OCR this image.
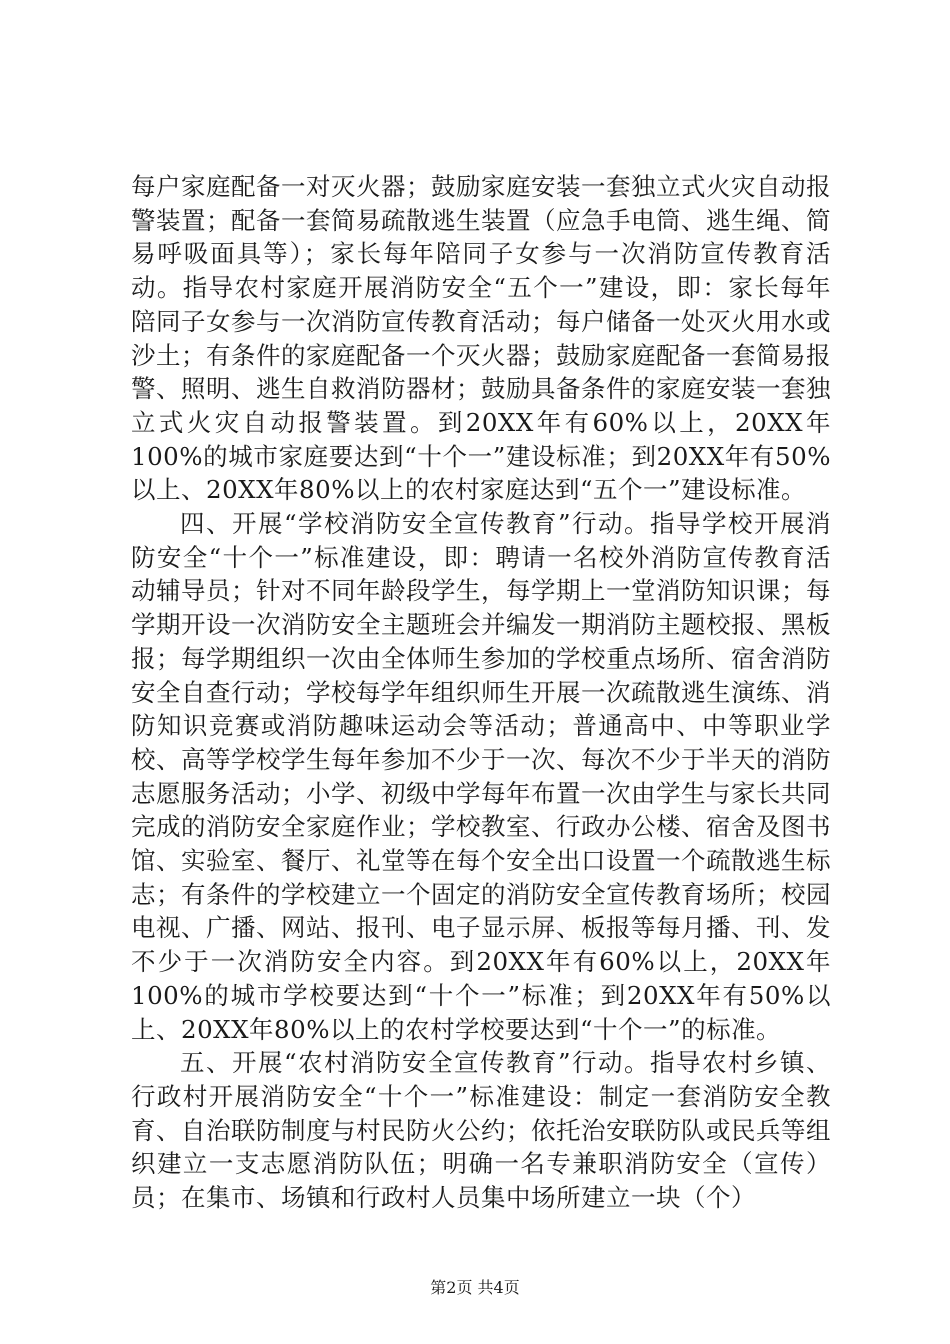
每户家庭配备一对灭火器；鼓励家庭安装一套独立式火灾自动报警装置；配备一套简易疏散逃生装置（应急手电筒、逃生绳、简易呼吸面具等）；家长每年陪同子女参与一次消防宣传教育活动。指导农村家庭开展消防安全“五个一”建设，即：家长每年陪同子女参与一次消防宣传教育活动；每户储备一处灭火用水或沙土；有条件的家庭配备一个灭火器；鼓励家庭配备一套简易报警、照明、逃生自救消防器材；鼓励具备条件的家庭安装一套独立式火灾自动报警装置。到20XX年有60%以上，20XX年100%的城市家庭要达到“十个一”建设标准；到20XX年有50%以上、20XX年80%以上的农村家庭达到“五个一”建设标准。

四、开展“学校消防安全宣传教育”行动。指导学校开展消防安全“十个一”标准建设，即：聘请一名校外消防宣传教育活动辅导员；针对不同年龄段学生，每学期上一堂消防知识课；每学期开设一次消防安全主题班会并编发一期消防主题校报、黑板报；每学期组织一次由全体师生参加的学校重点场所、宿舍消防安全自查行动；学校每学年组织师生开展一次疏散逃生演练、消防知识竞赛或消防趣味运动会等活动；普通高中、中等职业学校、高等学校学生每年参加不少于一次、每次不少于半天的消防志愿服务活动；小学、初级中学每年布置一次由学生与家长共同完成的消防安全家庭作业；学校教室、行政办公楼、宿舍及图书馆、实验室、餐厅、礼堂等在每个安全出口设置一个疏散逃生标志；有条件的学校建立一个固定的消防安全宣传教育场所；校园电视、广播、网站、报刊、电子显示屏、板报等每月播、刊、发不少于一次消防安全内容。到20XX年有60%以上，20XX年100%的城市学校要达到“十个一”标准；到20XX年有50%以上、20XX年80%以上的农村学校要达到“十个一”的标准。

五、开展“农村消防安全宣传教育”行动。指导农村乡镇、行政村开展消防安全“十个一”标准建设：制定一套消防安全教育、自治联防制度与村民防火公约；依托治安联防队或民兵等组织建立一支志愿消防队伍；明确一名专兼职消防安全（宣传）员；在集市、场镇和行政村人员集中场所建立一块（个）

第2页 共4页
